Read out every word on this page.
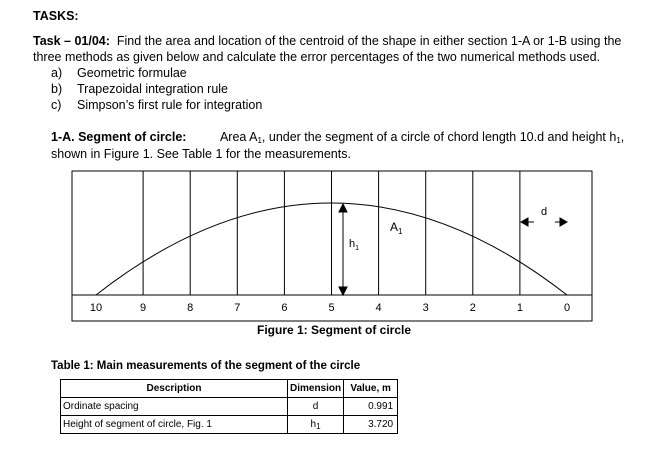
TASKS:
Task – 01/04: Find the area and location of the centroid of the shape in either section 1-A or 1-B using the
three methods as given below and calculate the error percentages of the two numerical methods used.
a) Geometric formulae
b) Trapezoidal integration rule
c) Simpson’s first rule for integration
1-A. Segment of circle:	Area $A_1$, under the segment of a circle of chord length 10.d and height $h_1$,
shown in Figure 1. See Table 1 for the measurements.
10	9	8	7	6	5	4	3	2	1	0
$A_1$
$h_1$
d
Figure 1: Segment of circle
Table 1: Main measurements of the segment of the circle
Description	Dimension	Value, m
Ordinate spacing	d	0.991
Height of segment of circle, Fig. 1	$h_1$	3.720
